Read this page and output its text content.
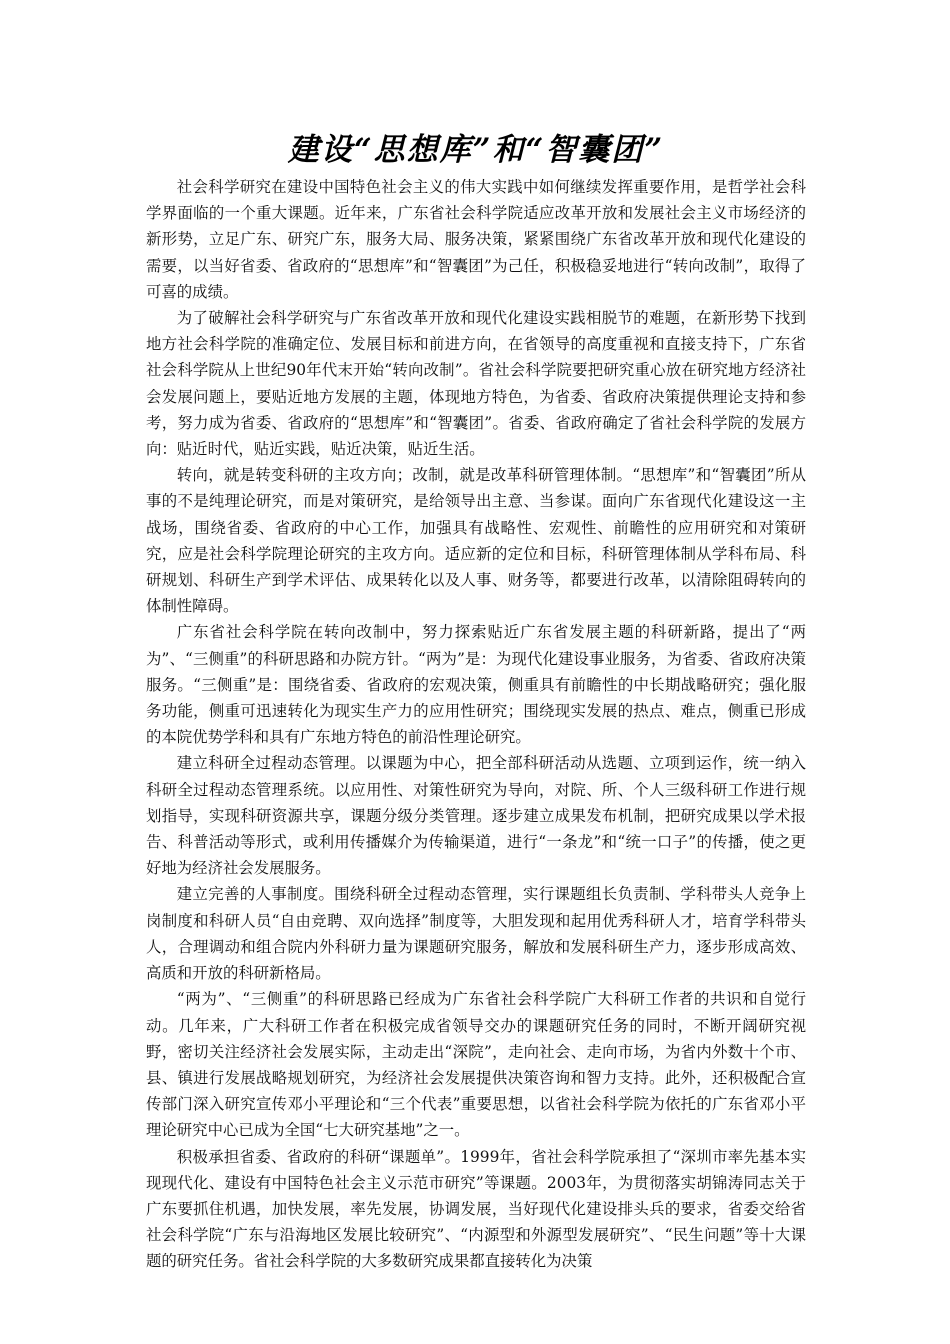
建设“思想库”和“智囊团”

社会科学研究在建设中国特色社会主义的伟大实践中如何继续发挥重要作用，是哲学社会科学界面临的一个重大课题。近年来，广东省社会科学院适应改革开放和发展社会主义市场经济的新形势，立足广东、研究广东，服务大局、服务决策，紧紧围绕广东省改革开放和现代化建设的需要，以当好省委、省政府的“思想库”和“智囊团”为己任，积极稳妥地进行“转向改制”，取得了可喜的成绩。

为了破解社会科学研究与广东省改革开放和现代化建设实践相脱节的难题，在新形势下找到地方社会科学院的准确定位、发展目标和前进方向，在省领导的高度重视和直接支持下，广东省社会科学院从上世纪90年代末开始“转向改制”。省社会科学院要把研究重心放在研究地方经济社会发展问题上，要贴近地方发展的主题，体现地方特色，为省委、省政府决策提供理论支持和参考，努力成为省委、省政府的“思想库”和“智囊团”。省委、省政府确定了省社会科学院的发展方向：贴近时代，贴近实践，贴近决策，贴近生活。

转向，就是转变科研的主攻方向；改制，就是改革科研管理体制。“思想库”和“智囊团”所从事的不是纯理论研究，而是对策研究，是给领导出主意、当参谋。面向广东省现代化建设这一主战场，围绕省委、省政府的中心工作，加强具有战略性、宏观性、前瞻性的应用研究和对策研究，应是社会科学院理论研究的主攻方向。适应新的定位和目标，科研管理体制从学科布局、科研规划、科研生产到学术评估、成果转化以及人事、财务等，都要进行改革，以清除阻碍转向的体制性障碍。

广东省社会科学院在转向改制中，努力探索贴近广东省发展主题的科研新路，提出了“两为”、“三侧重”的科研思路和办院方针。“两为”是：为现代化建设事业服务，为省委、省政府决策服务。“三侧重”是：围绕省委、省政府的宏观决策，侧重具有前瞻性的中长期战略研究；强化服务功能，侧重可迅速转化为现实生产力的应用性研究；围绕现实发展的热点、难点，侧重已形成的本院优势学科和具有广东地方特色的前沿性理论研究。

建立科研全过程动态管理。以课题为中心，把全部科研活动从选题、立项到运作，统一纳入科研全过程动态管理系统。以应用性、对策性研究为导向，对院、所、个人三级科研工作进行规划指导，实现科研资源共享，课题分级分类管理。逐步建立成果发布机制，把研究成果以学术报告、科普活动等形式，或利用传播媒介为传输渠道，进行“一条龙”和“统一口子”的传播，使之更好地为经济社会发展服务。

建立完善的人事制度。围绕科研全过程动态管理，实行课题组长负责制、学科带头人竞争上岗制度和科研人员“自由竞聘、双向选择”制度等，大胆发现和起用优秀科研人才，培育学科带头人，合理调动和组合院内外科研力量为课题研究服务，解放和发展科研生产力，逐步形成高效、高质和开放的科研新格局。

“两为”、“三侧重”的科研思路已经成为广东省社会科学院广大科研工作者的共识和自觉行动。几年来，广大科研工作者在积极完成省领导交办的课题研究任务的同时，不断开阔研究视野，密切关注经济社会发展实际，主动走出“深院”，走向社会、走向市场，为省内外数十个市、县、镇进行发展战略规划研究，为经济社会发展提供决策咨询和智力支持。此外，还积极配合宣传部门深入研究宣传邓小平理论和“三个代表”重要思想，以省社会科学院为依托的广东省邓小平理论研究中心已成为全国“七大研究基地”之一。

积极承担省委、省政府的科研“课题单”。1999年，省社会科学院承担了“深圳市率先基本实现现代化、建设有中国特色社会主义示范市研究”等课题。2003年，为贯彻落实胡锦涛同志关于广东要抓住机遇，加快发展，率先发展，协调发展，当好现代化建设排头兵的要求，省委交给省社会科学院“广东与沿海地区发展比较研究”、“内源型和外源型发展研究”、“民生问题”等十大课题的研究任务。省社会科学院的大多数研究成果都直接转化为决策
